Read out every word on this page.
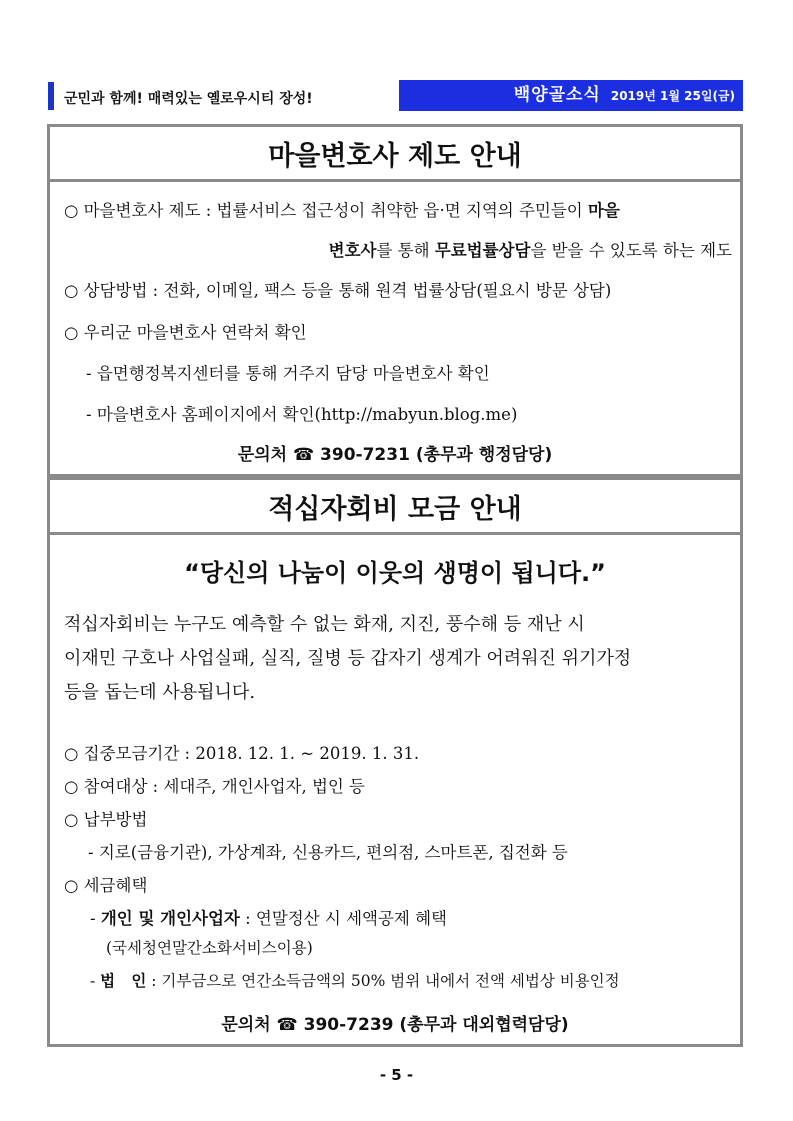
군민과 함께! 매력있는 옐로우시티 장성!	백양골소식 2019년 1월 25일(금)
마을변호사 제도 안내
○ 마을변호사 제도 : 법률서비스 접근성이 취약한 읍·면 지역의 주민들이 마을
변호사를 통해 무료법률상담을 받을 수 있도록 하는 제도
○ 상담방법 : 전화, 이메일, 팩스 등을 통해 원격 법률상담(필요시 방문 상담)
○ 우리군 마을변호사 연락처 확인
- 읍면행정복지센터를 통해 거주지 담당 마을변호사 확인
- 마을변호사 홈페이지에서 확인(http://mabyun.blog.me)
문의처 ☎ 390-7231 (총무과 행정담당)
적십자회비 모금 안내
“당신의 나눔이 이웃의 생명이 됩니다.”
적십자회비는 누구도 예측할 수 없는 화재, 지진, 풍수해 등 재난 시
이재민 구호나 사업실패, 실직, 질병 등 갑자기 생계가 어려워진 위기가정
등을 돕는데 사용됩니다.
○ 집중모금기간 : 2018. 12. 1. ~ 2019. 1. 31.
○ 참여대상 : 세대주, 개인사업자, 법인 등
○ 납부방법
- 지로(금융기관), 가상계좌, 신용카드, 편의점, 스마트폰, 집전화 등
○ 세금혜택
- 개인 및 개인사업자 : 연말정산 시 세액공제 혜택
(국세청연말간소화서비스이용)
- 법   인 : 기부금으로 연간소득금액의 50% 범위 내에서 전액 세법상 비용인정
문의처 ☎ 390-7239 (총무과 대외협력담당)
- 5 -
